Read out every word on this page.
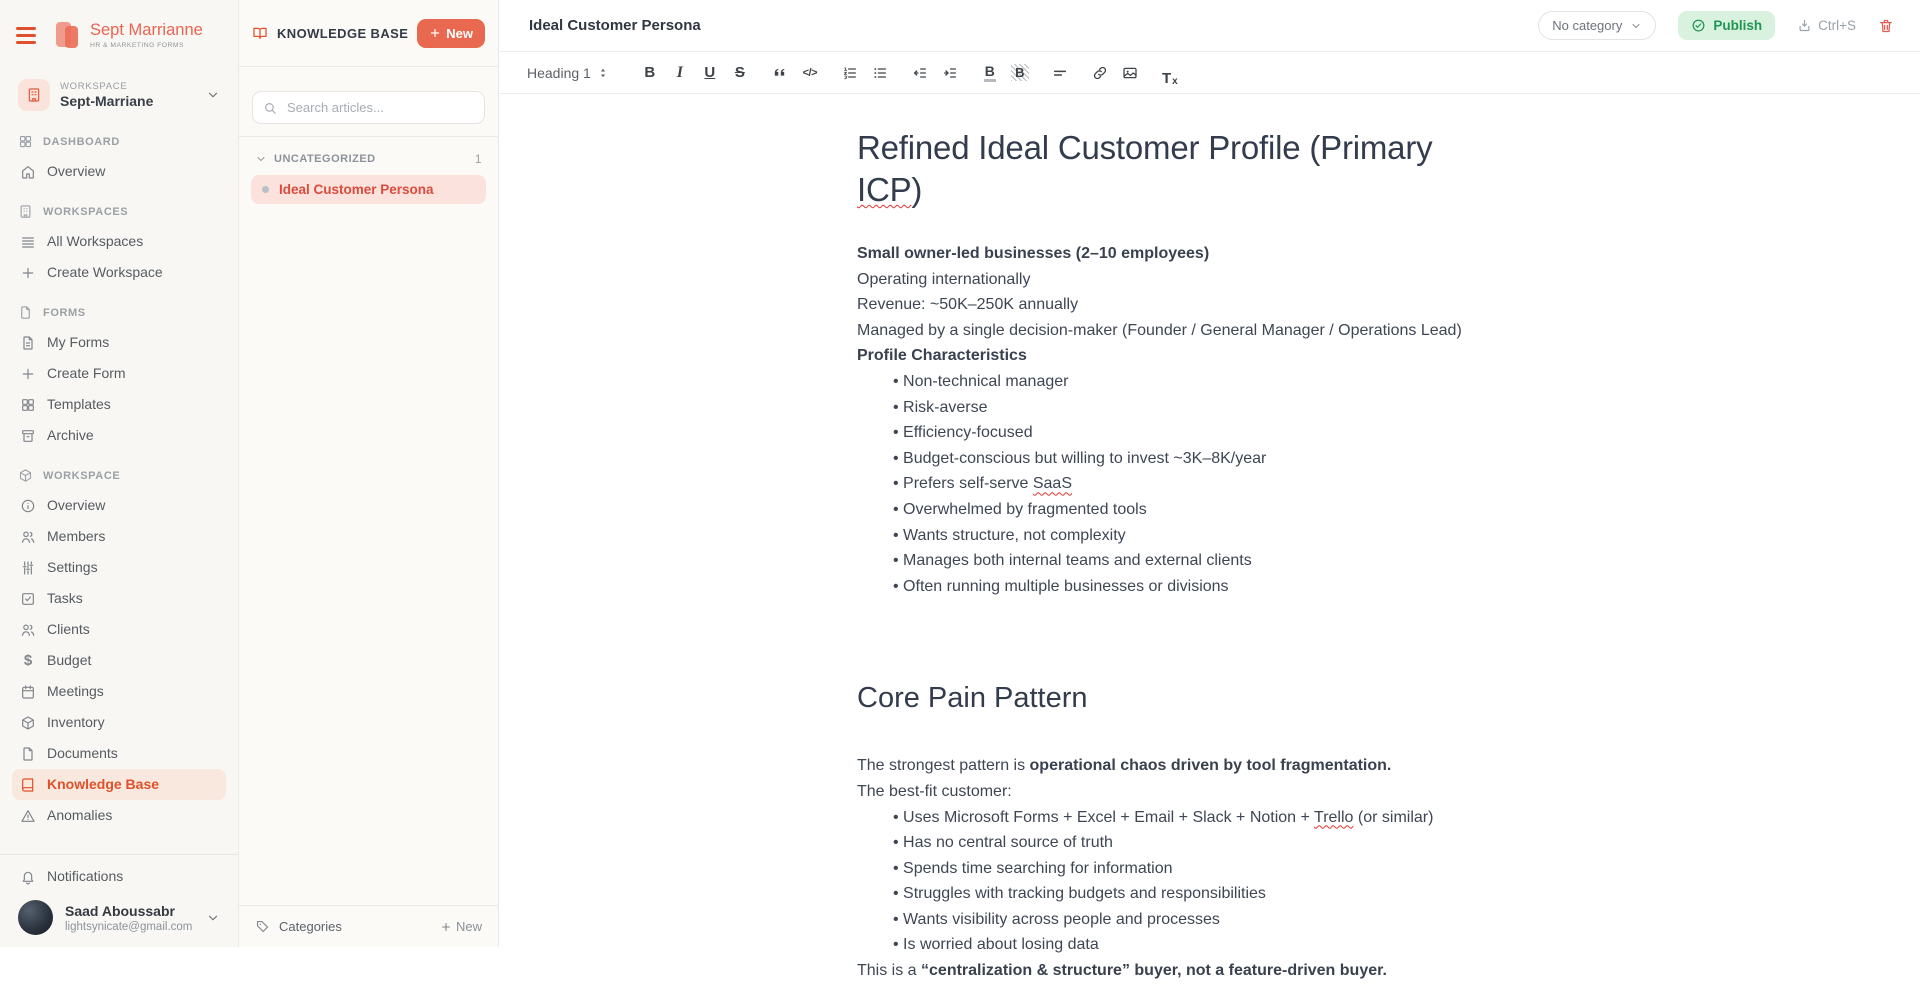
Sept Marrianne
HR & MARKETING FORMS
WORKSPACE
Sept-Marriane
DASHBOARD
Overview
WORKSPACES
All Workspaces
Create Workspace
FORMS
My Forms
Create Form
Templates
Archive
WORKSPACE
Overview
Members
Settings
Tasks
Clients
$ Budget
Meetings
Inventory
Documents
Knowledge Base
Anomalies
Notifications
Saad Aboussabr
lightsynicate@gmail.com
KNOWLEDGE BASE	New
Search articles...
UNCATEGORIZED	1
Ideal Customer Persona
Categories	New
Ideal Customer Persona	No category	Publish	Ctrl+S
Heading 1	B	I	U	S	</>	B	B	T x
Refined Ideal Customer Profile (Primary ICP)

Small owner-led businesses (2–10 employees)

Operating internationally

Revenue: ~50K–250K annually

Managed by a single decision-maker (Founder / General Manager / Operations Lead)

Profile Characteristics

• Non-technical manager

• Risk-averse

• Efficiency-focused

• Budget-conscious but willing to invest ~3K–8K/year

• Prefers self-serve SaaS

• Overwhelmed by fragmented tools

• Wants structure, not complexity

• Manages both internal teams and external clients

• Often running multiple businesses or divisions

Core Pain Pattern

The strongest pattern is operational chaos driven by tool fragmentation.

The best-fit customer:

• Uses Microsoft Forms + Excel + Email + Slack + Notion + Trello (or similar)

• Has no central source of truth

• Spends time searching for information

• Struggles with tracking budgets and responsibilities

• Wants visibility across people and processes

• Is worried about losing data

This is a “centralization & structure” buyer, not a feature-driven buyer.
